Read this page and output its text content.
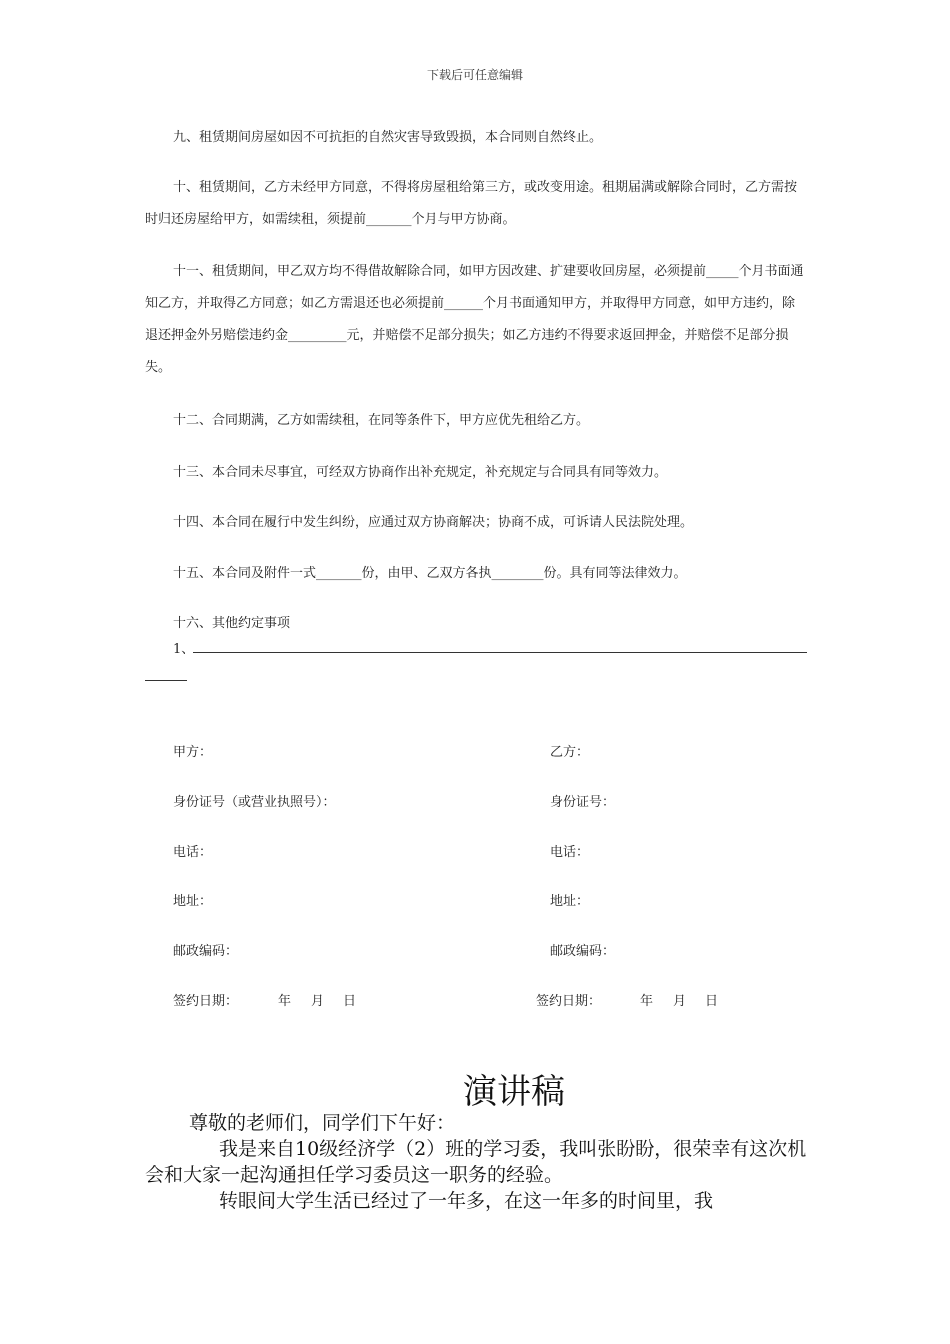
下载后可任意编辑
九、租赁期间房屋如因不可抗拒的自然灾害导致毁损，本合同则自然终止。
十、租赁期间，乙方未经甲方同意，不得将房屋租给第三方，或改变用途。租期届满或解除合同时，乙方需按时归还房屋给甲方，如需续租，须提前_______个月与甲方协商。
十一、租赁期间，甲乙双方均不得借故解除合同，如甲方因改建、扩建要收回房屋，必须提前_____个月书面通知乙方，并取得乙方同意；如乙方需退还也必须提前______个月书面通知甲方，并取得甲方同意，如甲方违约，除退还押金外另赔偿违约金_________元，并赔偿不足部分损失；如乙方违约不得要求返回押金，并赔偿不足部分损失。
十二、合同期满，乙方如需续租，在同等条件下，甲方应优先租给乙方。
十三、本合同未尽事宜，可经双方协商作出补充规定，补充规定与合同具有同等效力。
十四、本合同在履行中发生纠纷，应通过双方协商解决；协商不成，可诉请人民法院处理。
十五、本合同及附件一式_______份，由甲、乙双方各执________份。具有同等法律效力。
十六、其他约定事项
1、
甲方：
身份证号（或营业执照号）：
电话：
地址：
邮政编码：
签约日期：	年 月 日
乙方：
身份证号：
电话：
地址：
邮政编码：
签约日期：	年 月 日
演讲稿
尊敬的老师们，同学们下午好：
我是来自10级经济学（2）班的学习委，我叫张盼盼，很荣幸有这次机会和大家一起沟通担任学习委员这一职务的经验。
转眼间大学生活已经过了一年多，在这一年多的时间里，我
